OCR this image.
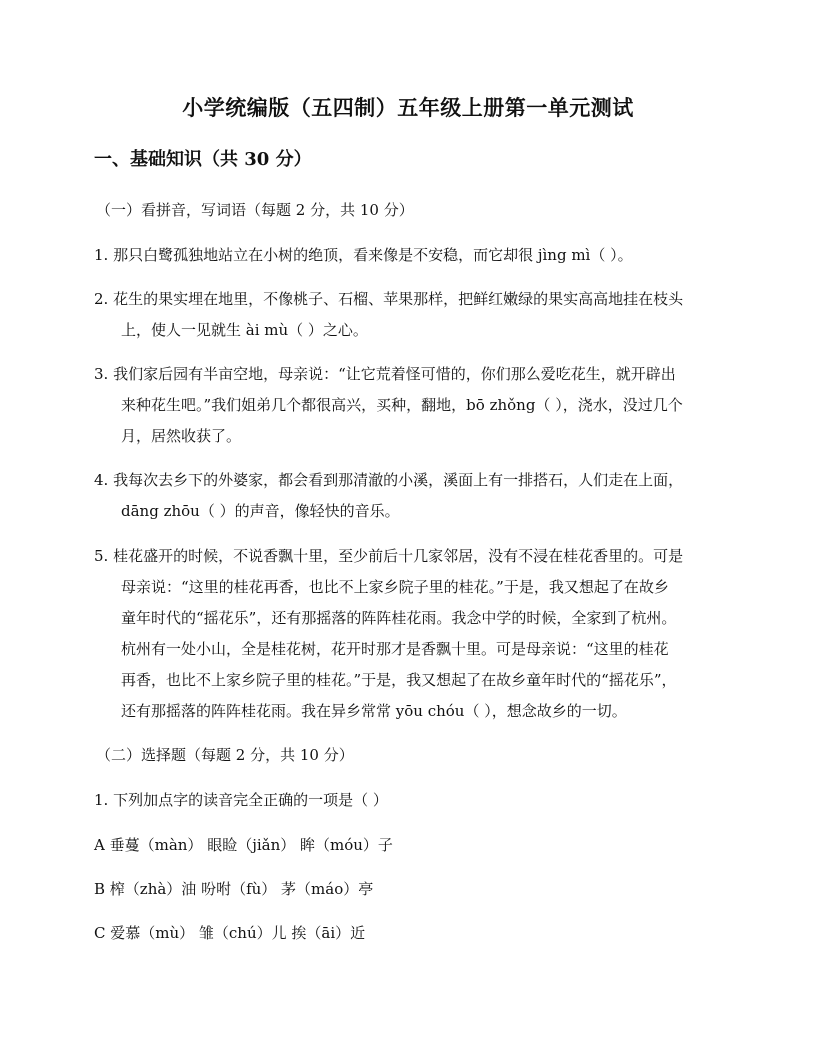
小学统编版（五四制）五年级上册第一单元测试
一、基础知识（共 30 分）
（一）看拼音，写词语（每题 2 分，共 10 分）
1. 那只白鹭孤独地站立在小树的绝顶，看来像是不安稳，而它却很 jìng mì（ ）。
2. 花生的果实埋在地里，不像桃子、石榴、苹果那样，把鲜红嫩绿的果实高高地挂在枝头
上，使人一见就生 ài mù（ ）之心。
3. 我们家后园有半亩空地，母亲说：“让它荒着怪可惜的，你们那么爱吃花生，就开辟出
来种花生吧。”我们姐弟几个都很高兴，买种，翻地，bō zhǒng（ ），浇水，没过几个
月，居然收获了。
4. 我每次去乡下的外婆家，都会看到那清澈的小溪，溪面上有一排搭石，人们走在上面，
dāng zhōu（ ）的声音，像轻快的音乐。
5. 桂花盛开的时候，不说香飘十里，至少前后十几家邻居，没有不浸在桂花香里的。可是
母亲说：“这里的桂花再香，也比不上家乡院子里的桂花。”于是，我又想起了在故乡
童年时代的“摇花乐”，还有那摇落的阵阵桂花雨。我念中学的时候，全家到了杭州。
杭州有一处小山，全是桂花树，花开时那才是香飘十里。可是母亲说：“这里的桂花
再香，也比不上家乡院子里的桂花。”于是，我又想起了在故乡童年时代的“摇花乐”，
还有那摇落的阵阵桂花雨。我在异乡常常 yōu chóu（ ），想念故乡的一切。
（二）选择题（每题 2 分，共 10 分）
1. 下列加点字的读音完全正确的一项是（ ）
A 垂蔓（màn） 眼睑（jiǎn） 眸（móu）子
B 榨（zhà）油 吩咐（fù） 茅（máo）亭
C 爱慕（mù） 雏（chú）儿 挨（āi）近
